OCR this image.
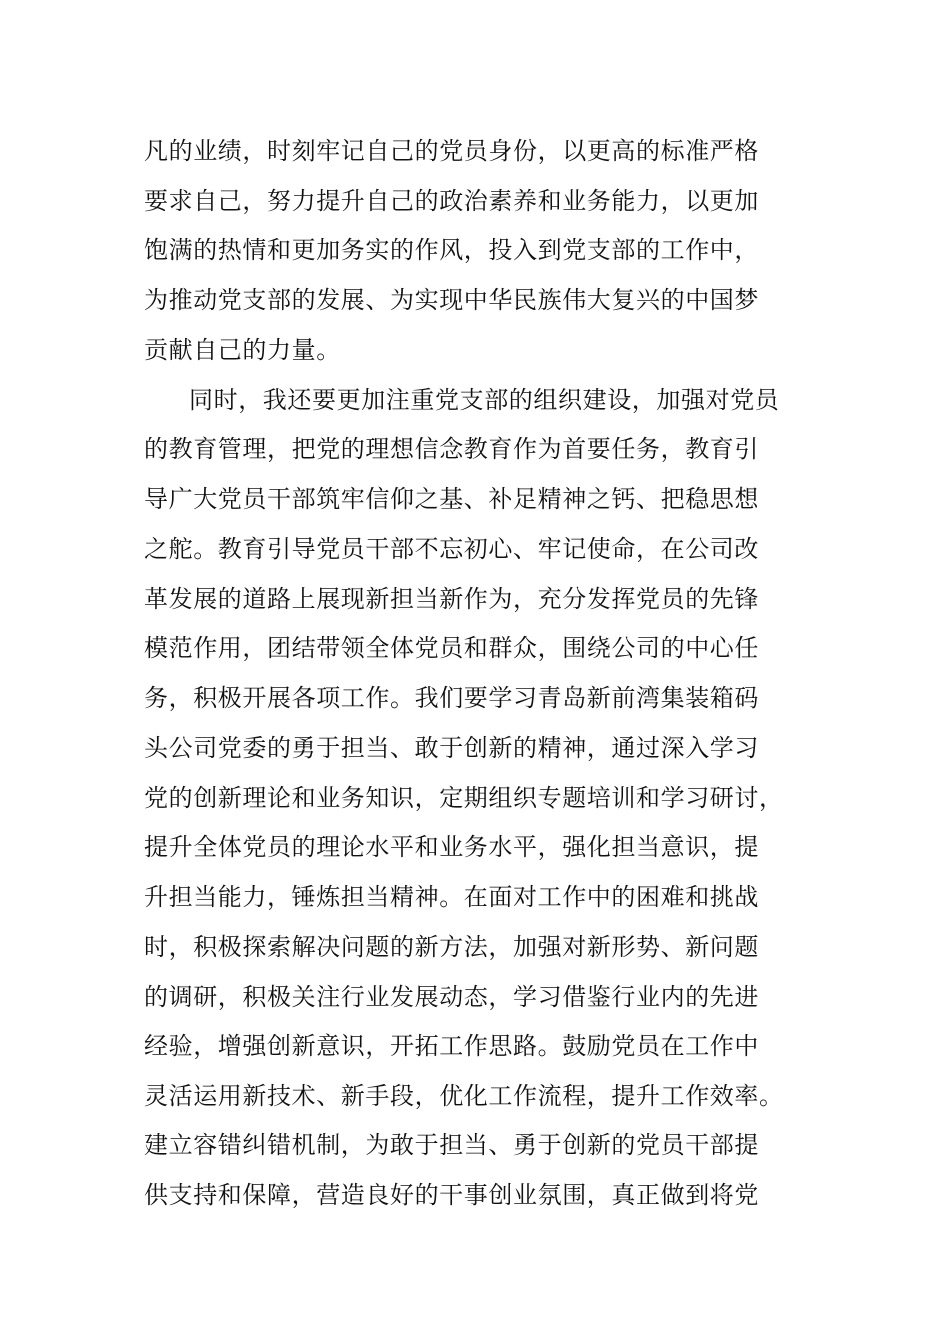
凡的业绩，时刻牢记自己的党员身份，以更高的标准严格
要求自己，努力提升自己的政治素养和业务能力，以更加
饱满的热情和更加务实的作风，投入到党支部的工作中，
为推动党支部的发展、为实现中华民族伟大复兴的中国梦
贡献自己的力量。
同时，我还要更加注重党支部的组织建设，加强对党员
的教育管理，把党的理想信念教育作为首要任务，教育引
导广大党员干部筑牢信仰之基、补足精神之钙、把稳思想
之舵。教育引导党员干部不忘初心、牢记使命，在公司改
革发展的道路上展现新担当新作为，充分发挥党员的先锋
模范作用，团结带领全体党员和群众，围绕公司的中心任
务，积极开展各项工作。我们要学习青岛新前湾集装箱码
头公司党委的勇于担当、敢于创新的精神，通过深入学习
党的创新理论和业务知识，定期组织专题培训和学习研讨，
提升全体党员的理论水平和业务水平，强化担当意识，提
升担当能力，锤炼担当精神。在面对工作中的困难和挑战
时，积极探索解决问题的新方法，加强对新形势、新问题
的调研，积极关注行业发展动态，学习借鉴行业内的先进
经验，增强创新意识，开拓工作思路。鼓励党员在工作中
灵活运用新技术、新手段，优化工作流程，提升工作效率。
建立容错纠错机制，为敢于担当、勇于创新的党员干部提
供支持和保障，营造良好的干事创业氛围，真正做到将党
